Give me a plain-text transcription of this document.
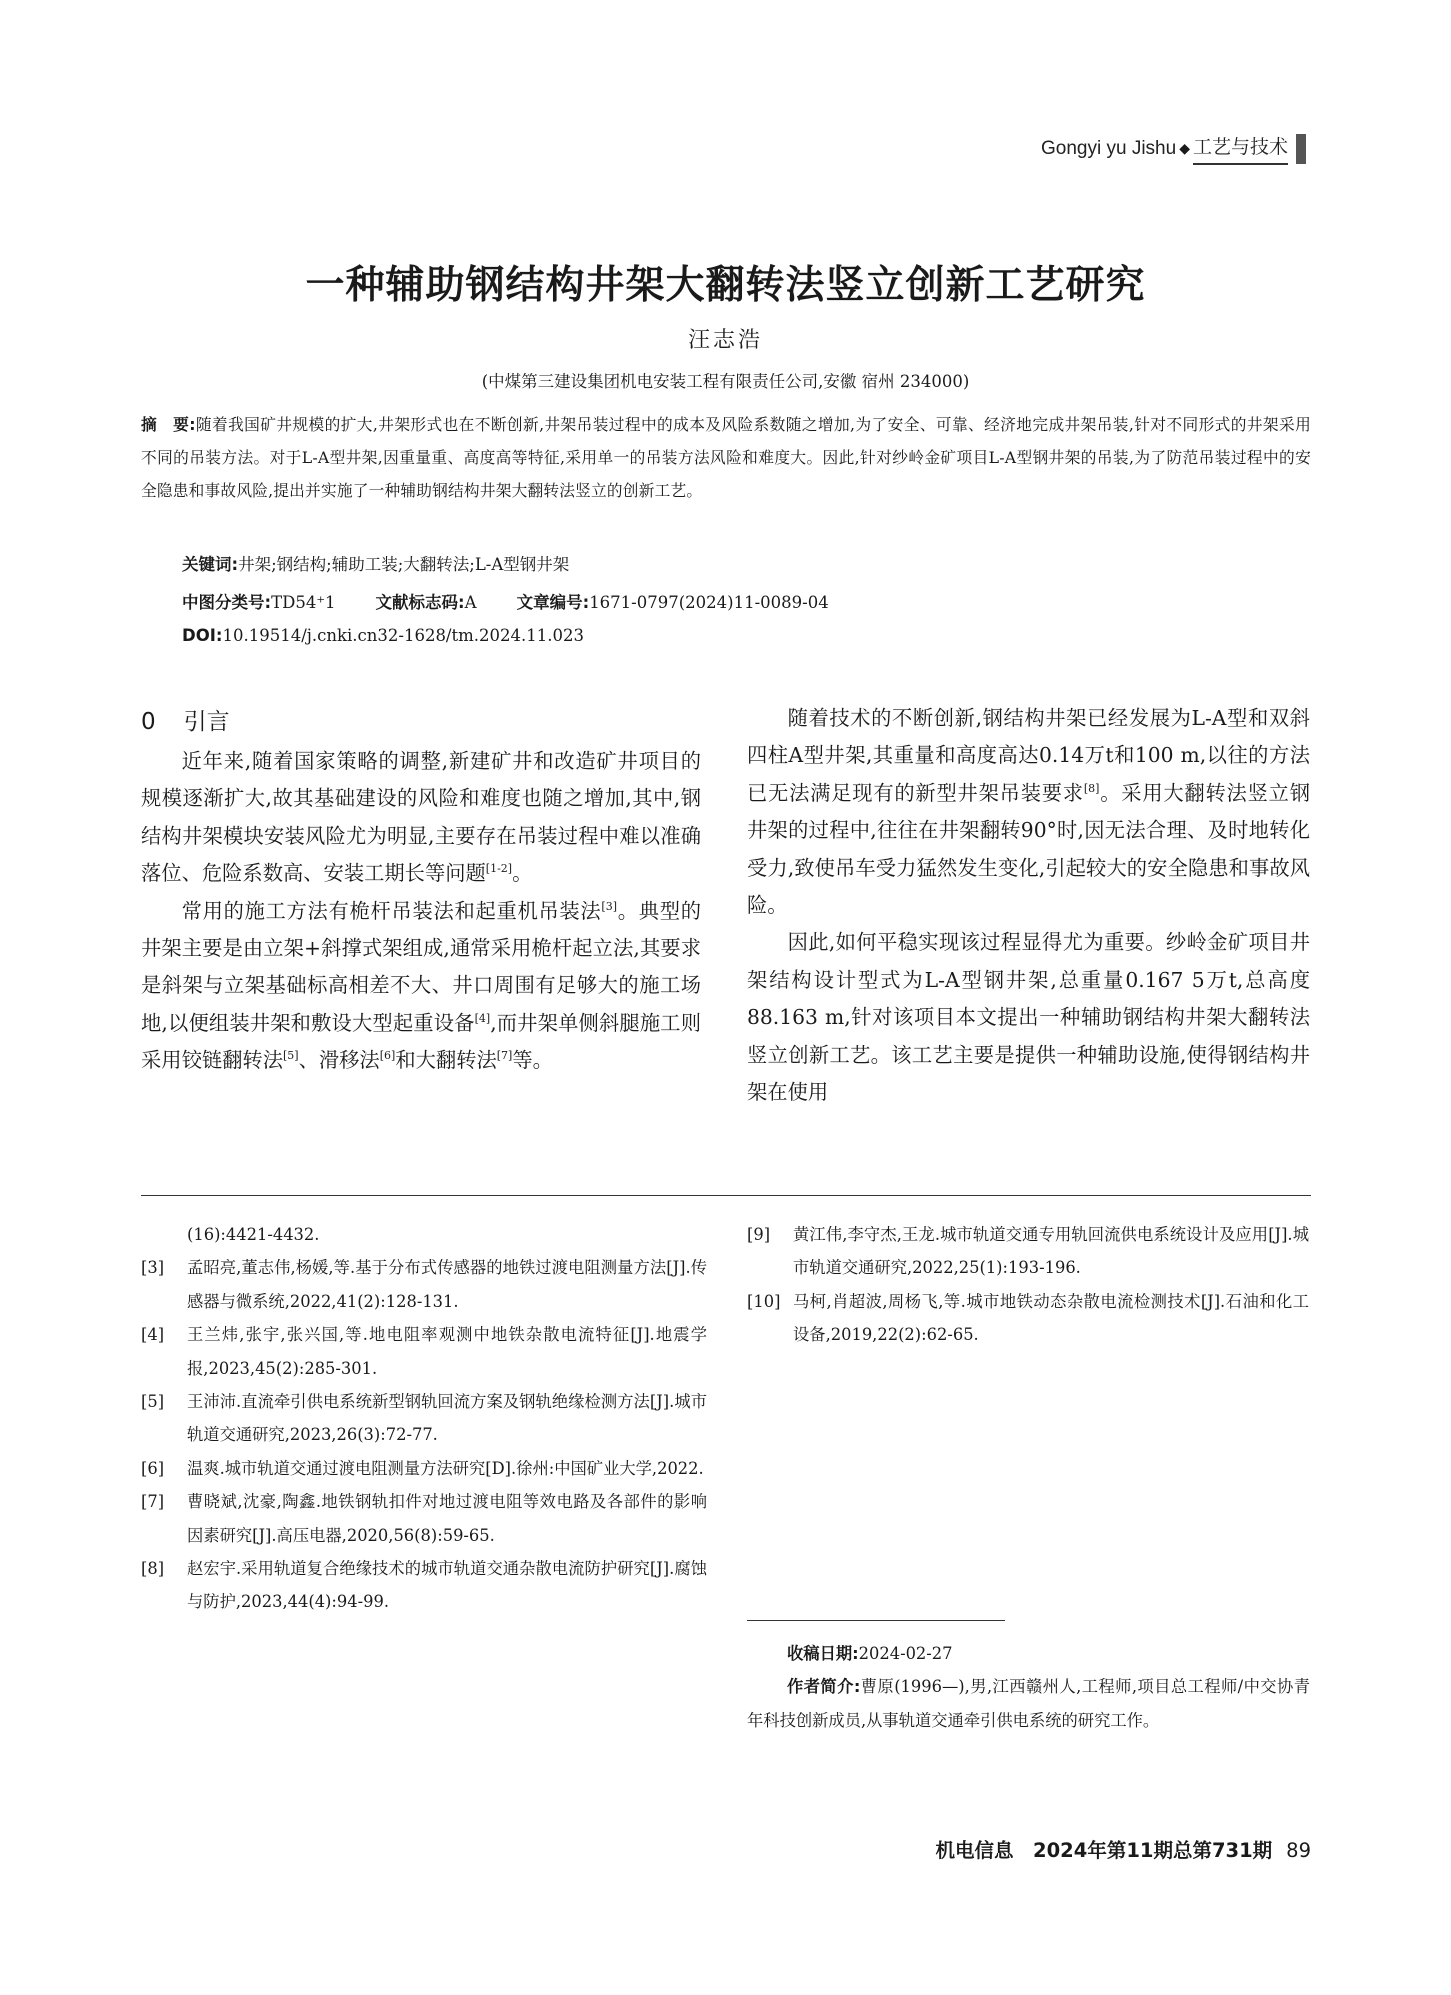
Gongyi yu Jishu ◆ 工艺与技术
一种辅助钢结构井架大翻转法竖立创新工艺研究
汪志浩
(中煤第三建设集团机电安装工程有限责任公司,安徽 宿州 234000)
摘　要:随着我国矿井规模的扩大,井架形式也在不断创新,井架吊装过程中的成本及风险系数随之增加,为了安全、可靠、经济地完成井架吊装,针对不同形式的井架采用不同的吊装方法。对于L-A型井架,因重量重、高度高等特征,采用单一的吊装方法风险和难度大。因此,针对纱岭金矿项目L-A型钢井架的吊装,为了防范吊装过程中的安全隐患和事故风险,提出并实施了一种辅助钢结构井架大翻转法竖立的创新工艺。
关键词:井架;钢结构;辅助工装;大翻转法;L-A型钢井架
中图分类号:TD54⁺1 文献标志码:A 文章编号:1671-0797(2024)11-0089-04
DOI:10.19514/j.cnki.cn32-1628/tm.2024.11.023
0 引言

近年来,随着国家策略的调整,新建矿井和改造矿井项目的规模逐渐扩大,故其基础建设的风险和难度也随之增加,其中,钢结构井架模块安装风险尤为明显,主要存在吊装过程中难以准确落位、危险系数高、安装工期长等问题[1-2]。

常用的施工方法有桅杆吊装法和起重机吊装法[3]。典型的井架主要是由立架+斜撑式架组成,通常采用桅杆起立法,其要求是斜架与立架基础标高相差不大、井口周围有足够大的施工场地,以便组装井架和敷设大型起重设备[4],而井架单侧斜腿施工则采用铰链翻转法[5]、滑移法[6]和大翻转法[7]等。

随着技术的不断创新,钢结构井架已经发展为L-A型和双斜四柱A型井架,其重量和高度高达0.14万t和100 m,以往的方法已无法满足现有的新型井架吊装要求[8]。采用大翻转法竖立钢井架的过程中,往往在井架翻转90°时,因无法合理、及时地转化受力,致使吊车受力猛然发生变化,引起较大的安全隐患和事故风险。

因此,如何平稳实现该过程显得尤为重要。纱岭金矿项目井架结构设计型式为L-A型钢井架,总重量0.167 5万t,总高度88.163 m,针对该项目本文提出一种辅助钢结构井架大翻转法竖立创新工艺。该工艺主要是提供一种辅助设施,使得钢结构井架在使用

(16):4421-4432.
[3] 孟昭亮,董志伟,杨媛,等.基于分布式传感器的地铁过渡电阻测量方法[J].传感器与微系统,2022,41(2):128-131.
[4] 王兰炜,张宇,张兴国,等.地电阻率观测中地铁杂散电流特征[J].地震学报,2023,45(2):285-301.
[5] 王沛沛.直流牵引供电系统新型钢轨回流方案及钢轨绝缘检测方法[J].城市轨道交通研究,2023,26(3):72-77.
[6] 温爽.城市轨道交通过渡电阻测量方法研究[D].徐州:中国矿业大学,2022.
[7] 曹晓斌,沈豪,陶鑫.地铁钢轨扣件对地过渡电阻等效电路及各部件的影响因素研究[J].高压电器,2020,56(8):59-65.
[8] 赵宏宇.采用轨道复合绝缘技术的城市轨道交通杂散电流防护研究[J].腐蚀与防护,2023,44(4):94-99.
[9] 黄江伟,李守杰,王龙.城市轨道交通专用轨回流供电系统设计及应用[J].城市轨道交通研究,2022,25(1):193-196.
[10] 马柯,肖超波,周杨飞,等.城市地铁动态杂散电流检测技术[J].石油和化工设备,2019,22(2):62-65.
收稿日期:2024-02-27
作者简介:曹原(1996—),男,江西赣州人,工程师,项目总工程师/中交协青年科技创新成员,从事轨道交通牵引供电系统的研究工作。
机电信息　2024年第11期总第731期 89
